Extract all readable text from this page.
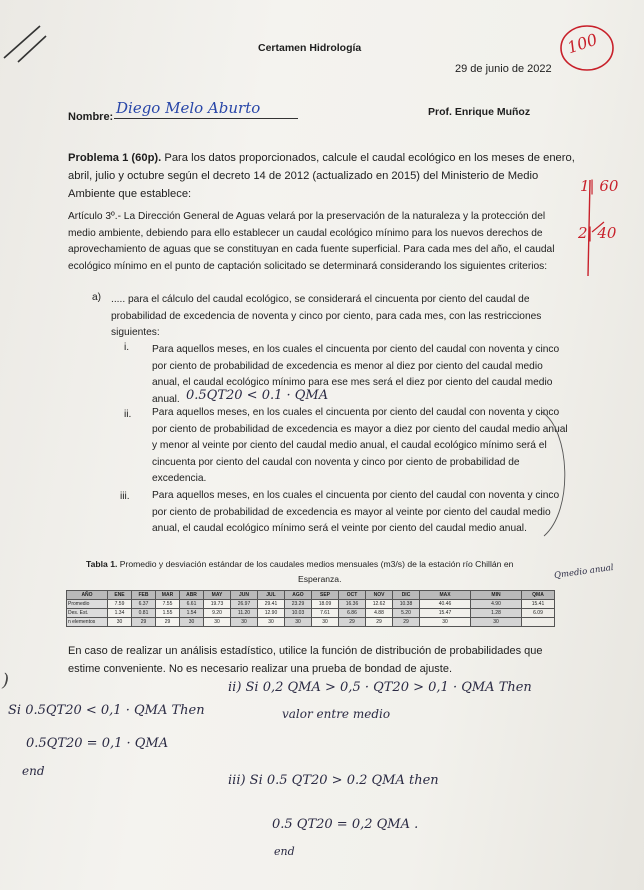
Certamen Hidrología
29 de junio de 2022
100
Nombre: Diego Melo Aburto	Prof. Enrique Muñoz
Problema 1 (60p). Para los datos proporcionados, calcule el caudal ecológico en los meses de enero,
abril, julio y octubre según el decreto 14 de 2012 (actualizado en 2015) del Ministerio de Medio
Ambiente que establece:
Artículo 3º.- La Dirección General de Aguas velará por la preservación de la naturaleza y la protección del
medio ambiente, debiendo para ello establecer un caudal ecológico mínimo para los nuevos derechos de
aprovechamiento de aguas que se constituyan en cada fuente superficial. Para cada mes del año, el caudal
ecológico mínimo en el punto de captación solicitado se determinará considerando los siguientes criterios:
1| 60
2| 40
a) ..... para el cálculo del caudal ecológico, se considerará el cincuenta por ciento del caudal de
probabilidad de excedencia de noventa y cinco por ciento, para cada mes, con las restricciones
siguientes:
i. Para aquellos meses, en los cuales el cincuenta por ciento del caudal con noventa y cinco
por ciento de probabilidad de excedencia es menor al diez por ciento del caudal medio
anual, el caudal ecológico mínimo para ese mes será el diez por ciento del caudal medio
anual. 0.5QT20 < 0.1 · QMA
ii. Para aquellos meses, en los cuales el cincuenta por ciento del caudal con noventa y cinco
por ciento de probabilidad de excedencia es mayor a diez por ciento del caudal medio anual
y menor al veinte por ciento del caudal medio anual, el caudal ecológico mínimo será el
cincuenta por ciento del caudal con noventa y cinco por ciento de probabilidad de
excedencia.
iii. Para aquellos meses, en los cuales el cincuenta por ciento del caudal con noventa y cinco
por ciento de probabilidad de excedencia es mayor al veinte por ciento del caudal medio
anual, el caudal ecológico mínimo será el veinte por ciento del caudal medio anual.
Tabla 1. Promedio y desviación estándar de los caudales medios mensuales (m3/s) de la estación río Chillán en
Esperanza.	Qmedio anual
AÑO	ENE	FEB	MAR	ABR	MAY	JUN	JUL	AGO	SEP	OCT	NOV	DIC	MAX	MIN	QMA
Promedio	7.59	6.37	7.55	6.61	19.73	26.97	29.41	23.29	18.09	16.36	12.62	10.38	40.46	4.90	15.41
Des. Est.	1.34	0.81	1.55	1.54	9.20	11.20	12.90	10.03	7.61	6.86	4.88	5.20	15.47	1.28	6.09
n elementos	30	29	29	30	30	30	30	30	30	29	29	29	30	30	
En caso de realizar un análisis estadístico, utilice la función de distribución de probabilidades que
estime conveniente. No es necesario realizar una prueba de bondad de ajuste.
)	ii) Si 0,2 QMA > 0,5 · QT20 > 0,1 · QMA Then
valor entre medio
Si 0.5QT20 < 0,1 · QMA Then
0.5QT20 = 0,1 · QMA
end
iii) Si 0.5 QT20 > 0.2 QMA then
0.5 QT20 = 0,2 QMA .
end
